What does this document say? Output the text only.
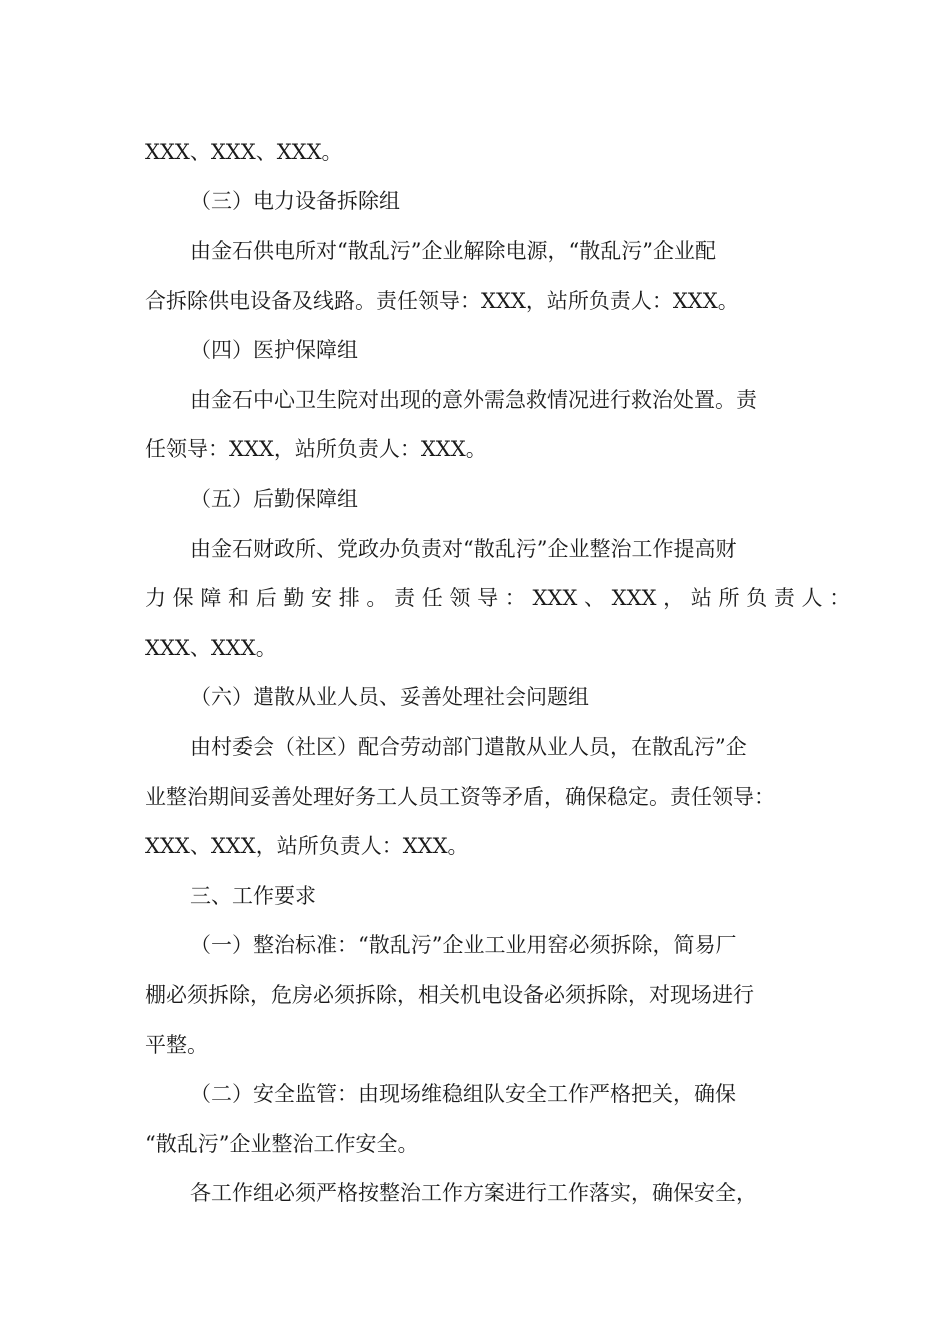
XXX、XXX、XXX。
（三）电力设备拆除组
由金石供电所对“散乱污”企业解除电源，“散乱污”企业配
合拆除供电设备及线路。责任领导：XXX，站所负责人：XXX。
（四）医护保障组
由金石中心卫生院对出现的意外需急救情况进行救治处置。责
任领导：XXX，站所负责人：XXX。
（五）后勤保障组
由金石财政所、党政办负责对“散乱污”企业整治工作提高财
力 保 障 和 后 勤 安 排 。 责 任 领 导 ： XXX 、 XXX ， 站 所 负 责 人 ：
XXX、XXX。
（六）遣散从业人员、妥善处理社会问题组
由村委会（社区）配合劳动部门遣散从业人员，在散乱污”企
业整治期间妥善处理好务工人员工资等矛盾，确保稳定。责任领导：
XXX、XXX，站所负责人：XXX。
三、工作要求
（一）整治标准：“散乱污”企业工业用窑必须拆除，简易厂
棚必须拆除，危房必须拆除，相关机电设备必须拆除，对现场进行
平整。
（二）安全监管：由现场维稳组队安全工作严格把关，确保
“散乱污”企业整治工作安全。
各工作组必须严格按整治工作方案进行工作落实，确保安全，
